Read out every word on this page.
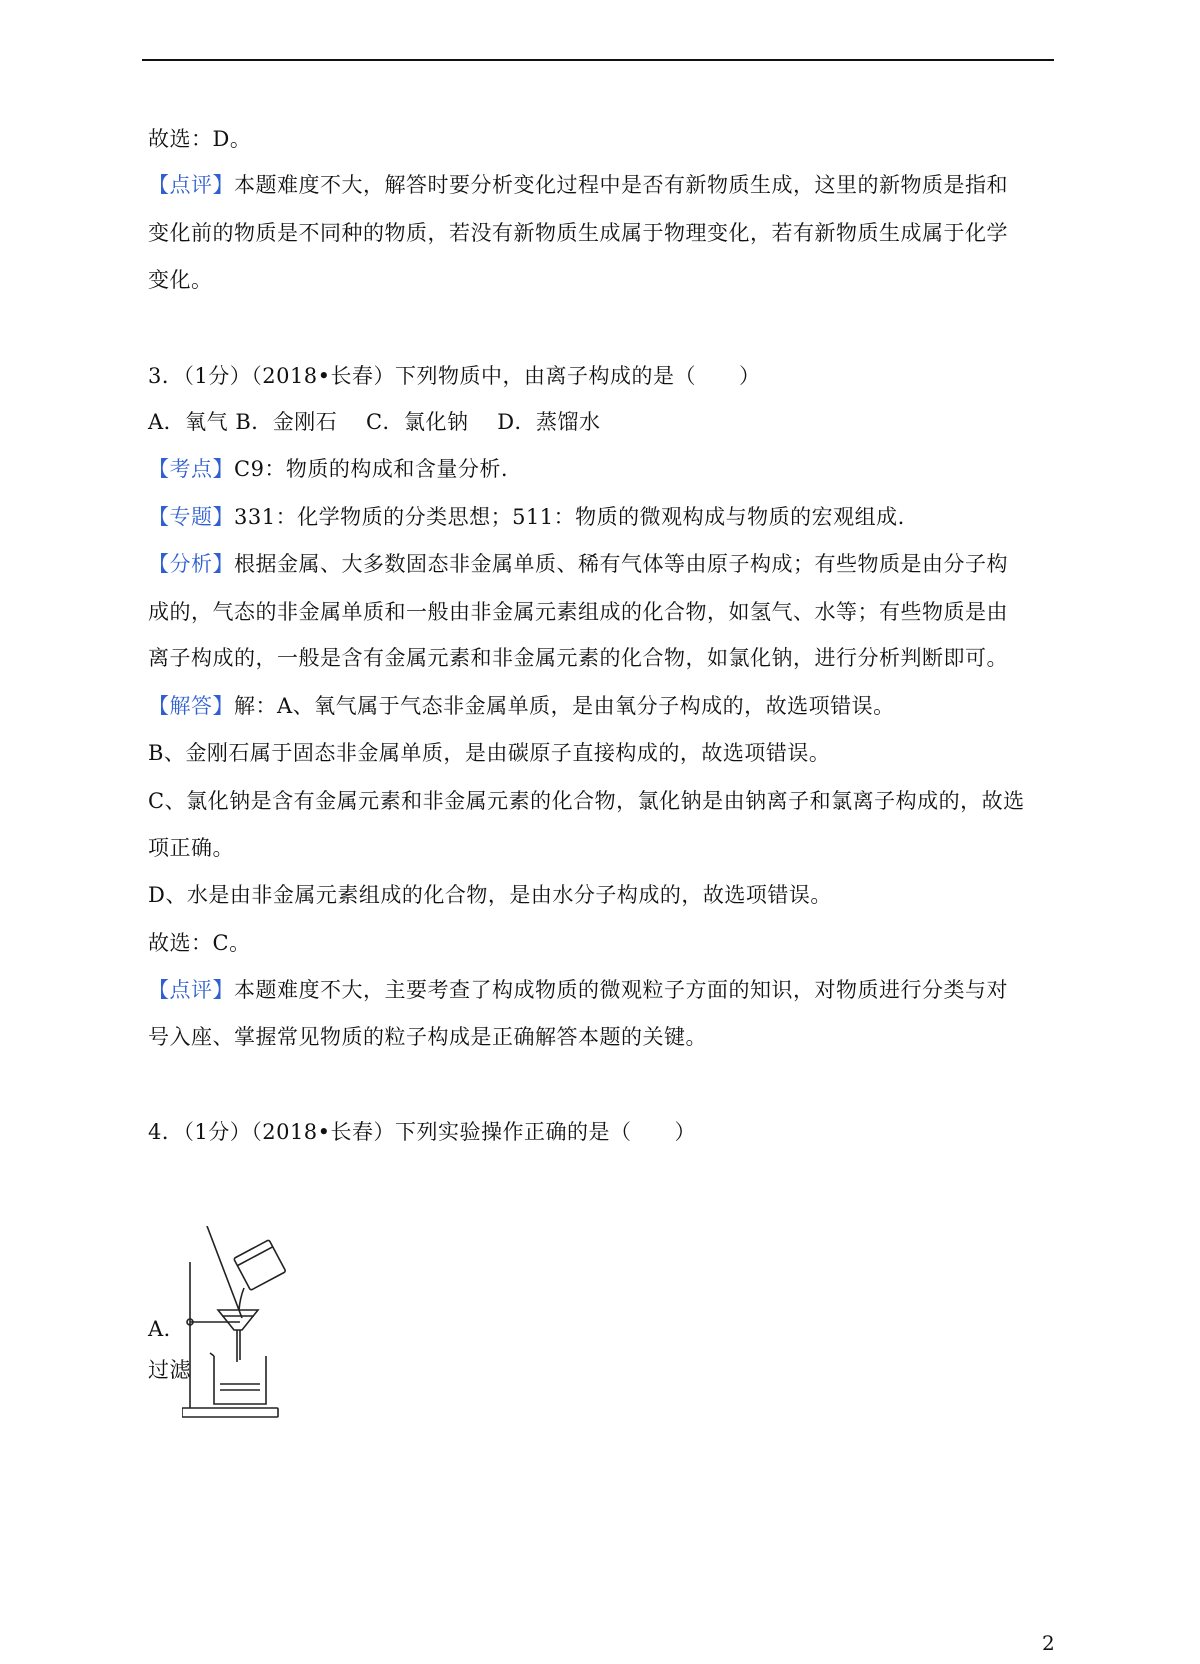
故选：D。
【点评】本题难度不大，解答时要分析变化过程中是否有新物质生成，这里的新物质是指和
变化前的物质是不同种的物质，若没有新物质生成属于物理变化，若有新物质生成属于化学
变化。
3．（1分）（2018•长春）下列物质中，由离子构成的是（　　）
A．氧气 B．金刚石　 C．氯化钠　 D．蒸馏水
【考点】C9：物质的构成和含量分析.
【专题】331：化学物质的分类思想；511：物质的微观构成与物质的宏观组成.
【分析】根据金属、大多数固态非金属单质、稀有气体等由原子构成；有些物质是由分子构
成的，气态的非金属单质和一般由非金属元素组成的化合物，如氢气、水等；有些物质是由
离子构成的，一般是含有金属元素和非金属元素的化合物，如氯化钠，进行分析判断即可。
【解答】解：A、氧气属于气态非金属单质，是由氧分子构成的，故选项错误。
B、金刚石属于固态非金属单质，是由碳原子直接构成的，故选项错误。
C、氯化钠是含有金属元素和非金属元素的化合物，氯化钠是由钠离子和氯离子构成的，故选
项正确。
D、水是由非金属元素组成的化合物，是由水分子构成的，故选项错误。
故选：C。
【点评】本题难度不大，主要考查了构成物质的微观粒子方面的知识，对物质进行分类与对
号入座、掌握常见物质的粒子构成是正确解答本题的关键。
4．（1分）（2018•长春）下列实验操作正确的是（　　）
A．
过滤
2
